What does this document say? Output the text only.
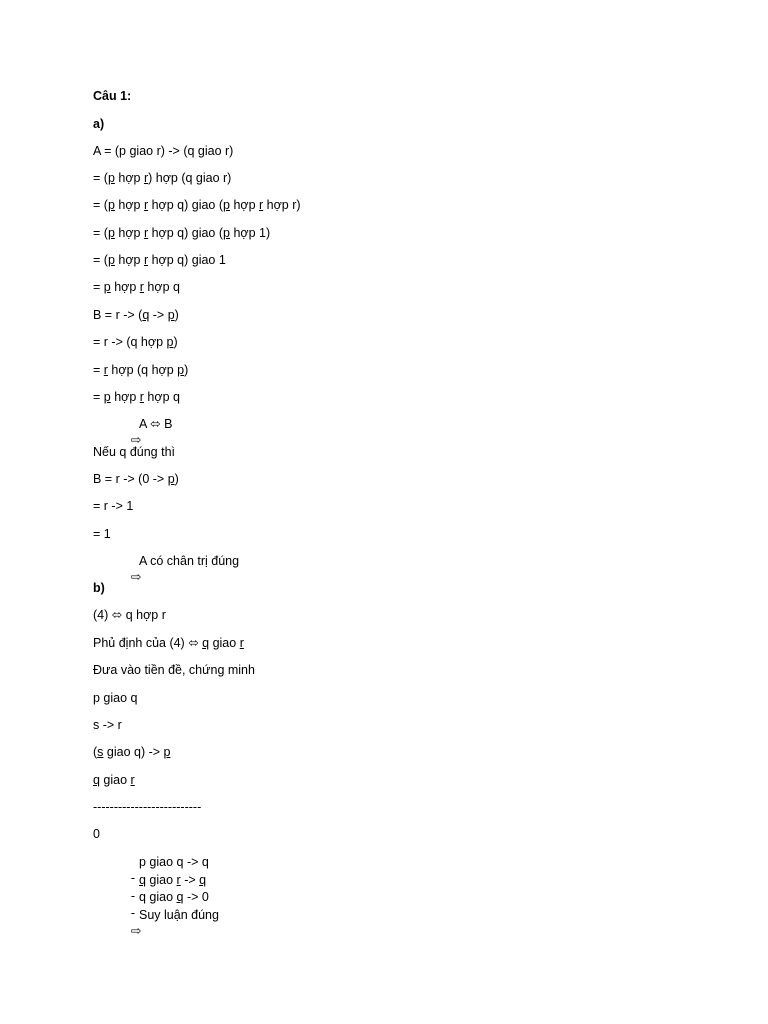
Câu 1:
a)
A = (p giao r) -> (q giao r)
= (p hợp r) hợp (q giao r)
= (p hợp r hợp q) giao (p hợp r hợp r)
= (p hợp r hợp q) giao (p hợp 1)
= (p hợp r hợp q) giao 1
= p hợp r hợp q
B = r -> (q -> p)
= r -> (q hợp p)
= r hợp (q hợp p)
= p hợp r hợp q

⇨

A ⬄ B

Nếu q đúng thì
B = r -> (0 -> p)
= r -> 1
= 1

⇨

A có chân trị đúng

b)
(4) ⬄ q hợp r
Phủ định của (4) ⬄ q giao r
Đưa vào tiền đề, chứng minh
p giao q
s -> r
(s giao q) -> p
q giao r
--------------------------
0

-

p giao q -> q

-

q giao r -> q

-

q giao q -> 0

⇨

Suy luận đúng
